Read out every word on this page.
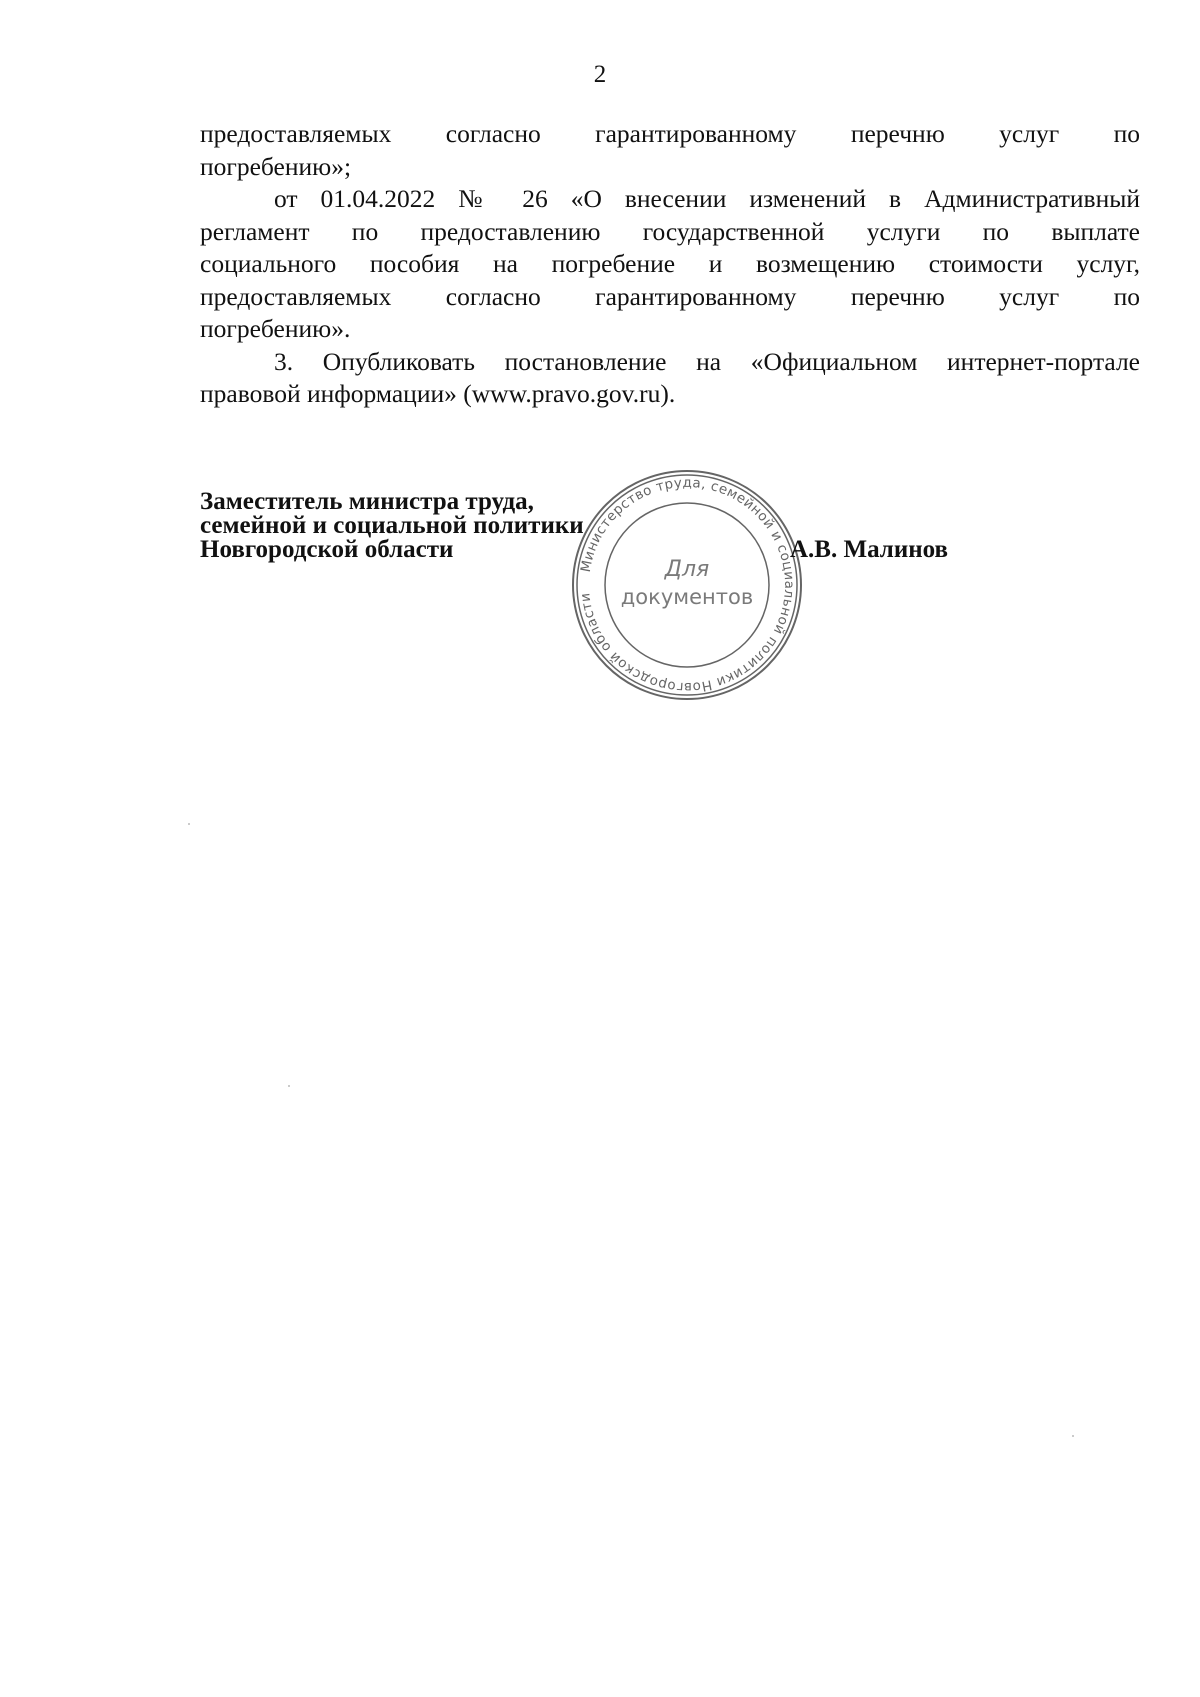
2

предоставляемых согласно гарантированному перечню услуг по
погребению»;

от 01.04.2022 № 26 «О внесении изменений в Административный
регламент по предоставлению государственной услуги по выплате
социального пособия на погребение и возмещению стоимости услуг,
предоставляемых согласно гарантированному перечню услуг по
погребению».

3. Опубликовать постановление на «Официальном интернет-портале
правовой информации» (www.pravo.gov.ru).

Заместитель министра труда,
семейной и социальной политики
Новгородской области
Министерство труда, семейной и социальной политики Новгородской области
Для
документов
А.В. Малинов
